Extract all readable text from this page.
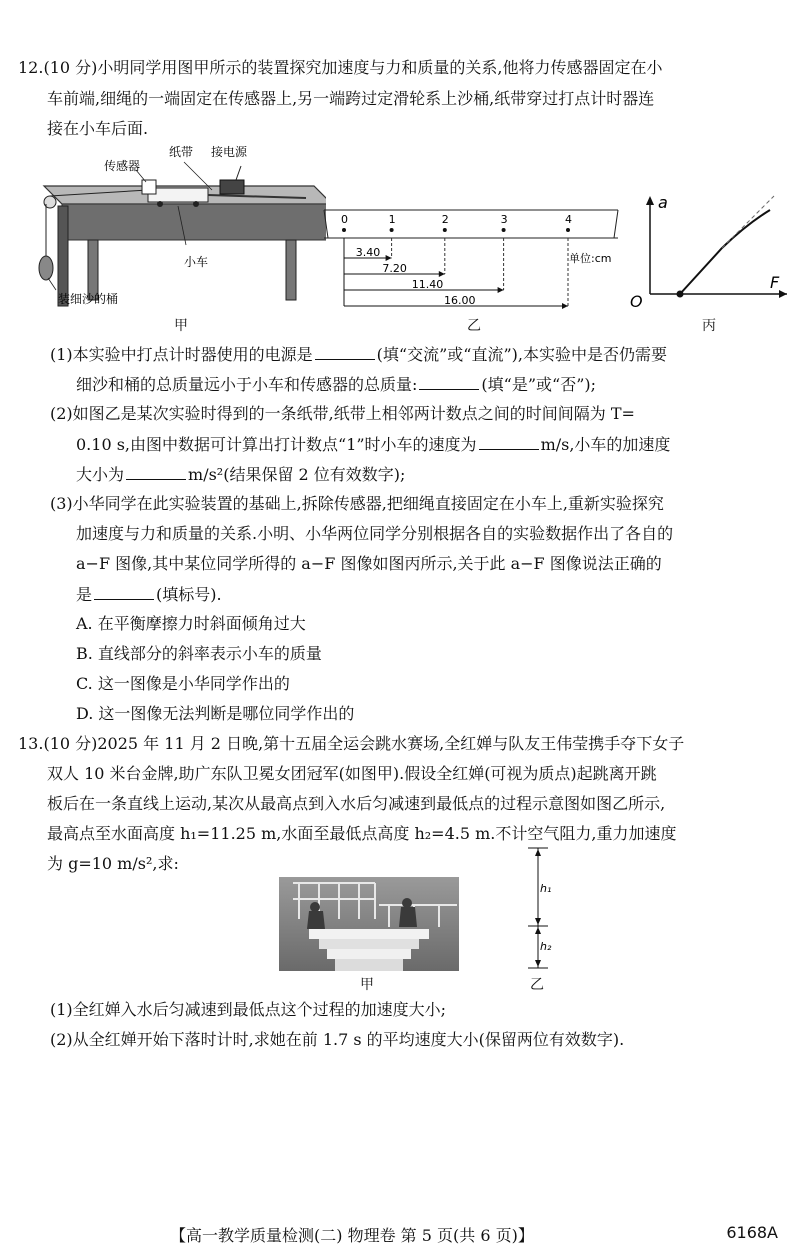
12.(10 分)小明同学用图甲所示的装置探究加速度与力和质量的关系,他将力传感器固定在小
车前端,细绳的一端固定在传感器上,另一端跨过定滑轮系上沙桶,纸带穿过打点计时器连
接在小车后面.
纸带 接电源
传感器
小车
装细沙的桶
甲
0	1	2	3	4
3.40
7.20
11.40
16.00
单位:cm
乙
a
F
O
丙
(1)本实验中打点计时器使用的电源是	(填“交流”或“直流”),本实验中是否仍需要
细沙和桶的总质量远小于小车和传感器的总质量:	(填“是”或“否”);
(2)如图乙是某次实验时得到的一条纸带,纸带上相邻两计数点之间的时间间隔为 T=
0.10 s,由图中数据可计算出打计数点“1”时小车的速度为	m/s,小车的加速度
大小为	m/s²(结果保留 2 位有效数字);
(3)小华同学在此实验装置的基础上,拆除传感器,把细绳直接固定在小车上,重新实验探究
加速度与力和质量的关系.小明、小华两位同学分别根据各自的实验数据作出了各自的
a−F 图像,其中某位同学所得的 a−F 图像如图丙所示,关于此 a−F 图像说法正确的
是	(填标号).
A. 在平衡摩擦力时斜面倾角过大
B. 直线部分的斜率表示小车的质量
C. 这一图像是小华同学作出的
D. 这一图像无法判断是哪位同学作出的
13.(10 分)2025 年 11 月 2 日晚,第十五届全运会跳水赛场,全红婵与队友王伟莹携手夺下女子
双人 10 米台金牌,助广东队卫冕女团冠军(如图甲).假设全红婵(可视为质点)起跳离开跳
板后在一条直线上运动,某次从最高点到入水后匀减速到最低点的过程示意图如图乙所示,
最高点至水面高度 h₁=11.25 m,水面至最低点高度 h₂=4.5 m.不计空气阻力,重力加速度
为 g=10 m/s²,求:
甲
h₁
h₂
乙
(1)全红婵入水后匀减速到最低点这个过程的加速度大小;
(2)从全红婵开始下落时计时,求她在前 1.7 s 的平均速度大小(保留两位有效数字).
【高一教学质量检测(二) 物理卷 第 5 页(共 6 页)】	6168A
